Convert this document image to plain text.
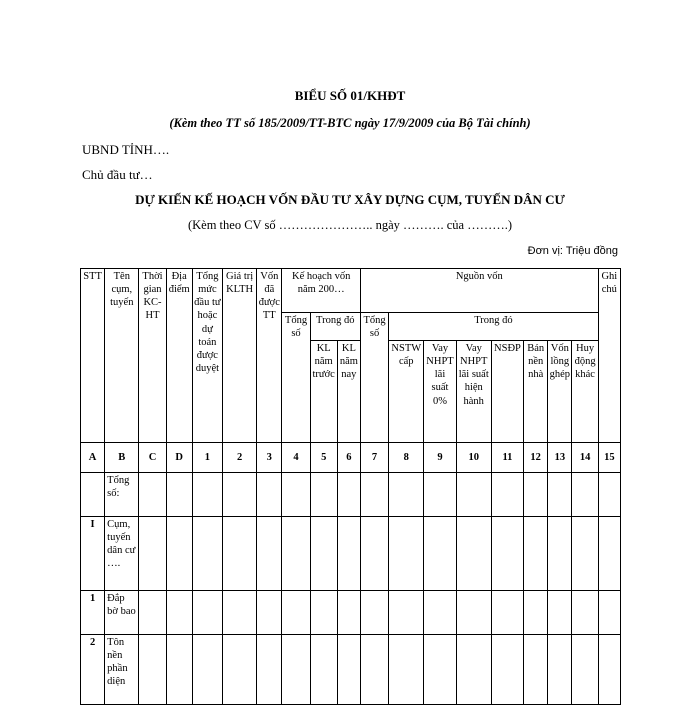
BIỂU SỐ 01/KHĐT
(Kèm theo TT số 185/2009/TT-BTC ngày 17/9/2009 của Bộ Tài chính)
UBND TỈNH….
Chủ đầu tư…
DỰ KIẾN KẾ HOẠCH VỐN ĐẦU TƯ XÂY DỰNG CỤM, TUYẾN DÂN CƯ
(Kèm theo CV số ………………….. ngày ………. của ……….)
Đơn vị: Triệu đồng
STT	Tên cụm, tuyến	Thời gian KC-HT	Địa điểm	Tổng mức đầu tư hoặc dự toán được duyệt	Giá trị KLTH	Vốn đã được TT	Kế hoạch vốn năm 200…			Nguồn vốn								Ghi chú
							Tổng số	Trong đó		Tổng số	Trong đó							
								KL năm trước	KL năm nay		NSTW cấp	Vay NHPT lãi suất 0%	Vay NHPT lãi suất hiện hành	NSĐP	Bán nền nhà	Vốn lồng ghép	Huy động khác	
A	B	C	D	1	2	3	4	5	6	7	8	9	10	11	12	13	14	15
	Tổng số:																	
I	Cụm, tuyến dân cư ….																	
1	Đắp bờ bao																	
2	Tôn nền phần diện																	
